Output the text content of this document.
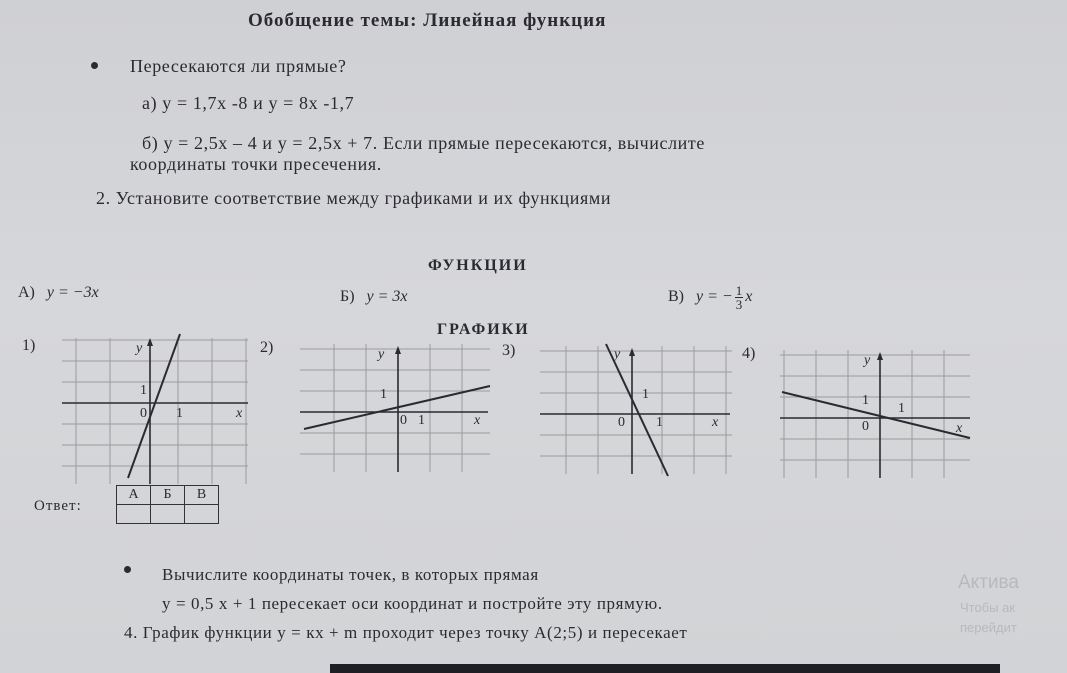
Обобщение темы: Линейная функция
Пересекаются ли прямые?
а) у = 1,7х -8 и у = 8х -1,7
б) у = 2,5х – 4 и у = 2,5х + 7. Если прямые пересекаются, вычислите
координаты точки пресечения.
2. Установите соответствие между графиками и их функциями
ФУНКЦИИ
А) y = −3x	Б) y = 3x	В) y = − $\frac{1}{3}$ x
ГРАФИКИ
1)	2)	3)	4)
y
1
0 1	x
y
1
0 1	x
y
1
0 1	x
y
1
0
1
x
Ответ:
А	Б	В

Вычислите координаты точек, в которых прямая
у = 0,5 х + 1 пересекает оси координат и постройте эту прямую.
4. График функции у = кх + m проходит через точку А(2;5) и пересекает
Актива
Чтобы ак
перейдит
